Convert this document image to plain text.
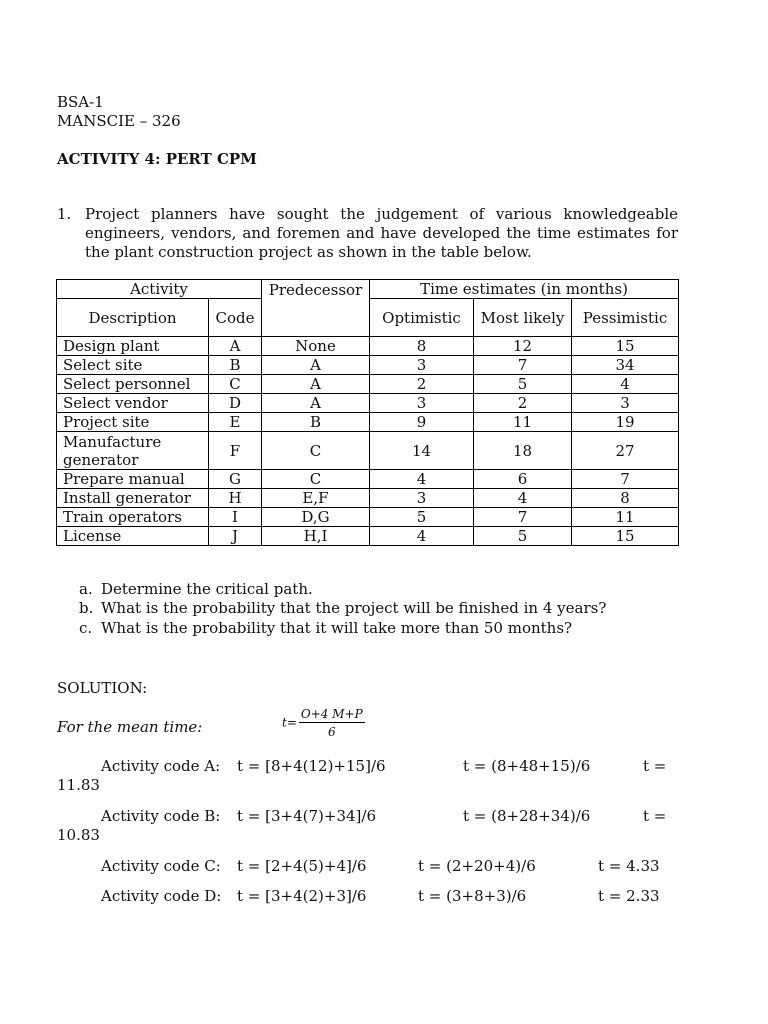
BSA-1
MANSCIE – 326
ACTIVITY 4: PERT CPM
1. Project planners have sought the judgement of various knowledgeable engineers, vendors, and foremen and have developed the time estimates for the plant construction project as shown in the table below.
Activity		Predecessor	Time estimates (in months)		
Description	Code		Optimistic	Most likely	Pessimistic
Design plant	A	None	8	12	15
Select site	B	A	3	7	34
Select personnel	C	A	2	5	4
Select vendor	D	A	3	2	3
Project site	E	B	9	11	19
Manufacture generator	F	C	14	18	27
Prepare manual	G	C	4	6	7
Install generator	H	E,F	3	4	8
Train operators	I	D,G	5	7	11
License	J	H,I	4	5	15
a. Determine the critical path.
b. What is the probability that the project will be finished in 4 years?
c. What is the probability that it will take more than 50 months?
SOLUTION:
For the mean time:	$t= \frac{O+4 M+P}{6}$
Activity code A: t = [8+4(12)+15]/6	t = (8+48+15)/6	t =
11.83
Activity code B: t = [3+4(7)+34]/6	t = (8+28+34)/6	t =
10.83
Activity code C: t = [2+4(5)+4]/6	t = (2+20+4)/6	t = 4.33
Activity code D: t = [3+4(2)+3]/6	t = (3+8+3)/6	t = 2.33
